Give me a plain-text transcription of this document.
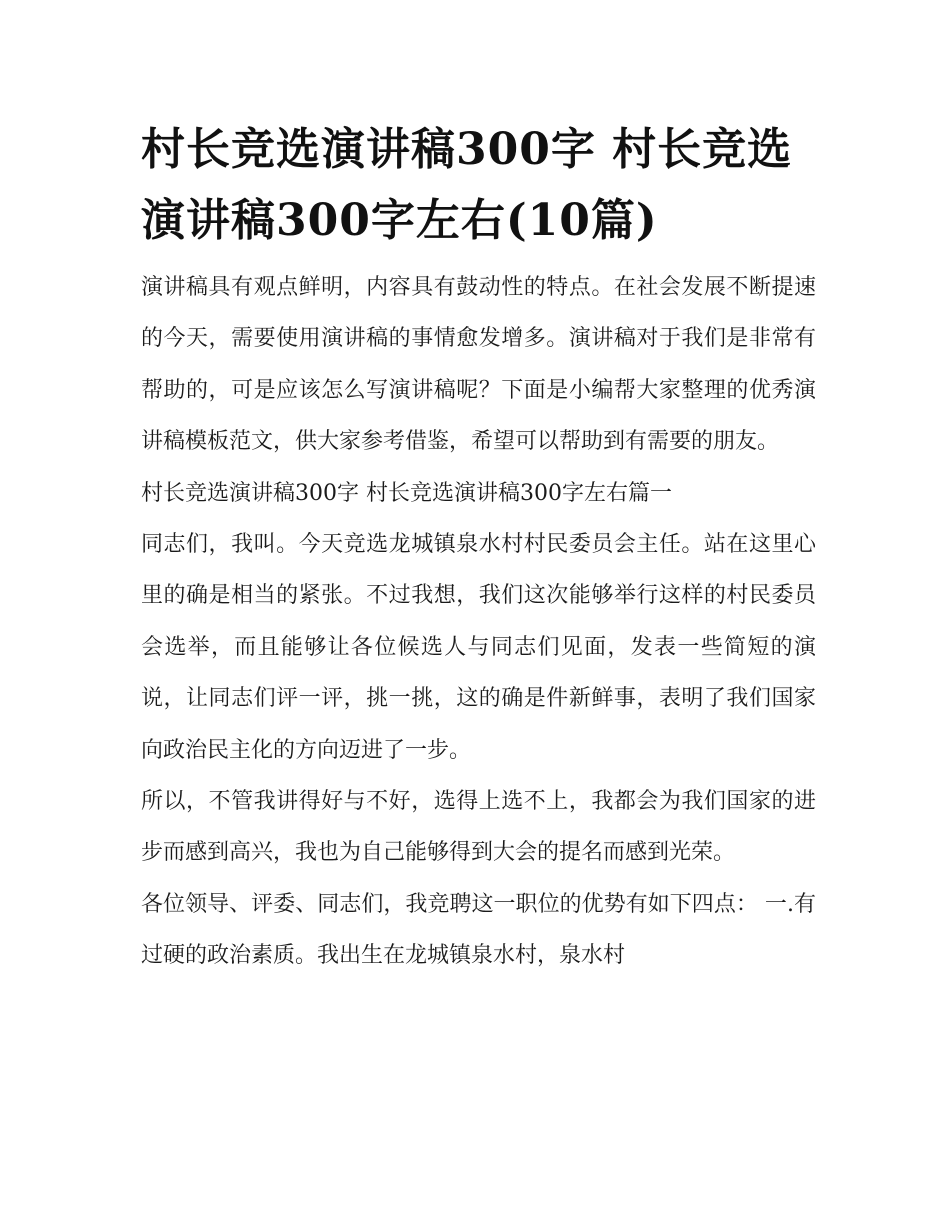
村长竞选演讲稿300字 村长竞选演讲稿300字左右(10篇)

演讲稿具有观点鲜明，内容具有鼓动性的特点。在社会发展不断提速的今天，需要使用演讲稿的事情愈发增多。演讲稿对于我们是非常有帮助的，可是应该怎么写演讲稿呢？下面是小编帮大家整理的优秀演讲稿模板范文，供大家参考借鉴，希望可以帮助到有需要的朋友。

村长竞选演讲稿300字 村长竞选演讲稿300字左右篇一

同志们，我叫。今天竞选龙城镇泉水村村民委员会主任。站在这里心里的确是相当的紧张。不过我想，我们这次能够举行这样的村民委员会选举，而且能够让各位候选人与同志们见面，发表一些简短的演说，让同志们评一评，挑一挑，这的确是件新鲜事，表明了我们国家向政治民主化的方向迈进了一步。

所以，不管我讲得好与不好，选得上选不上，我都会为我们国家的进步而感到高兴，我也为自己能够得到大会的提名而感到光荣。

各位领导、评委、同志们，我竞聘这一职位的优势有如下四点： 一.有过硬的政治素质。我出生在龙城镇泉水村，泉水村
